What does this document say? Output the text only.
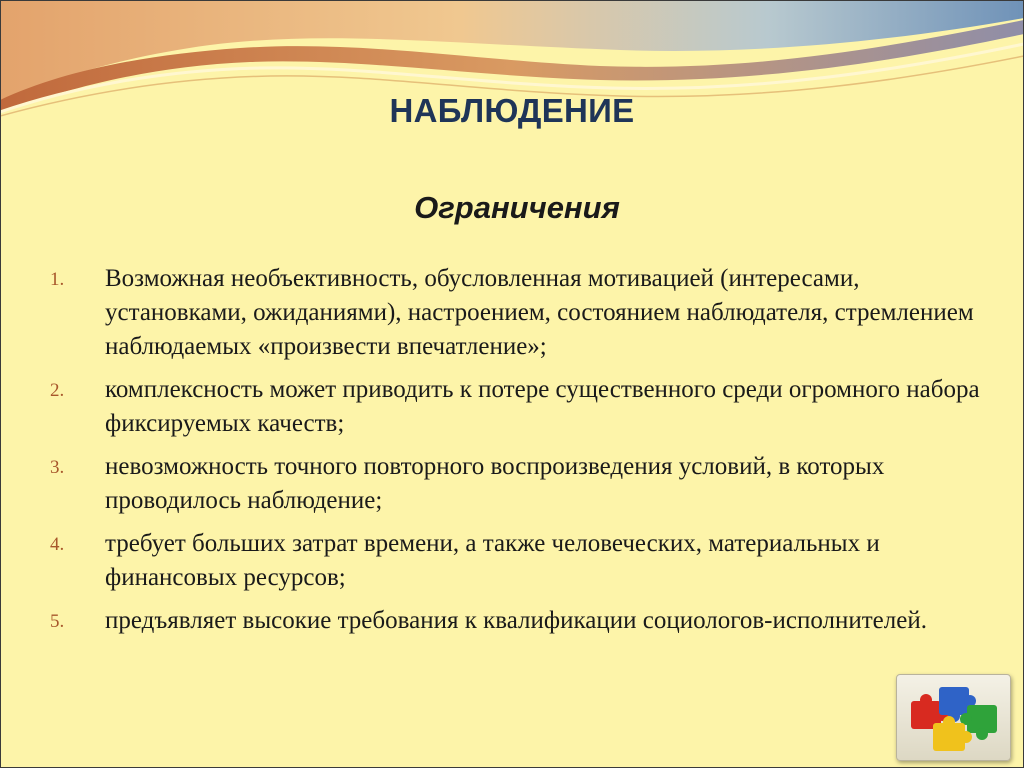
НАБЛЮДЕНИЕ
Ограничения
1. Возможная необъективность, обусловленная мотивацией (интересами, установками, ожиданиями), настроением, состоянием наблюдателя, стремлением наблюдаемых «произвести впечатление»;
2. комплексность может приводить к потере существенного среди огромного набора фиксируемых качеств;
3. невозможность точного повторного воспроизведения условий, в которых проводилось наблюдение;
4. требует больших затрат времени, а также человеческих, материальных и финансовых ресурсов;
5. предъявляет высокие требования к квалификации социологов-исполнителей.
